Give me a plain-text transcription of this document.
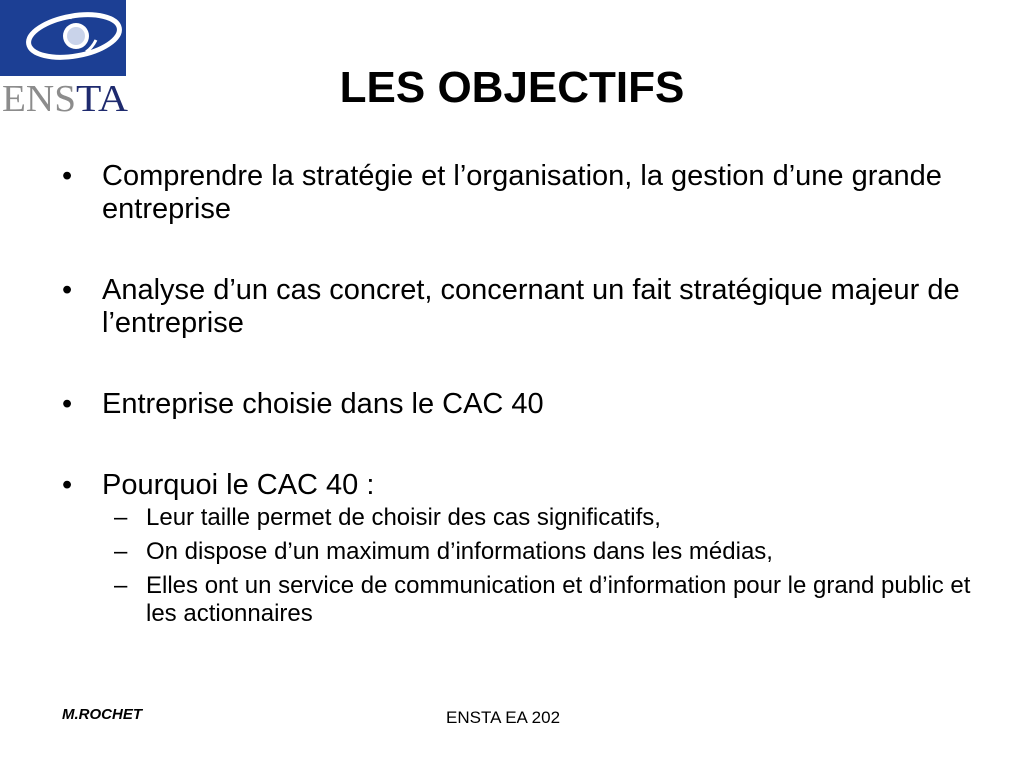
ENS TA	LES OBJECTIFS
• Comprendre la stratégie et l’organisation, la gestion d’une grande entreprise
• Analyse d’un cas concret, concernant un fait stratégique majeur de l’entreprise
• Entreprise choisie dans le CAC 40
• Pourquoi le CAC 40 :
– Leur taille permet de choisir des cas significatifs,
– On dispose d’un maximum d’informations dans les médias,
– Elles ont un service de communication et d’information pour le grand public et les actionnaires
M.ROCHET	ENSTA EA 202
